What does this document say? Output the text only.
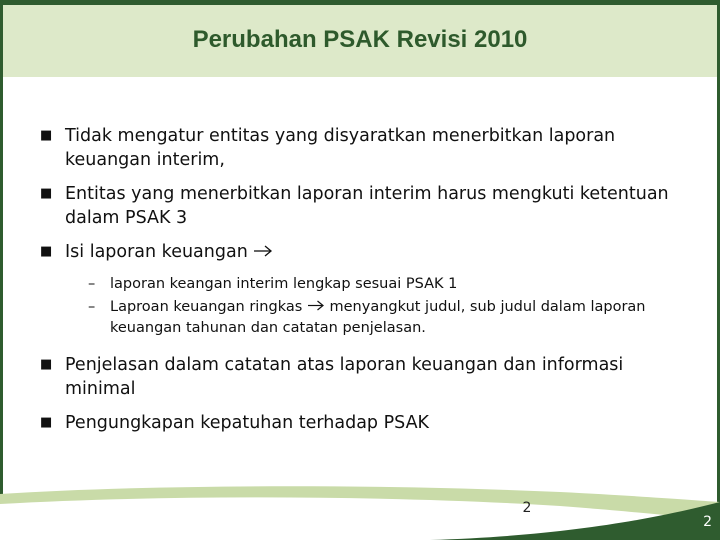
Perubahan PSAK Revisi 2010
■ Tidak mengatur entitas yang disyaratkan menerbitkan laporan keuangan interim,
■ Entitas yang menerbitkan laporan interim harus mengkuti ketentuan dalam PSAK 3
■ Isi laporan keuangan
– laporan keangan interim lengkap sesuai PSAK 1
– Laproan keuangan ringkas menyangkut judul, sub judul dalam laporan keuangan tahunan dan catatan penjelasan.
■ Penjelasan dalam catatan atas laporan keuangan dan informasi minimal
■ Pengungkapan kepatuhan terhadap PSAK
2
2
